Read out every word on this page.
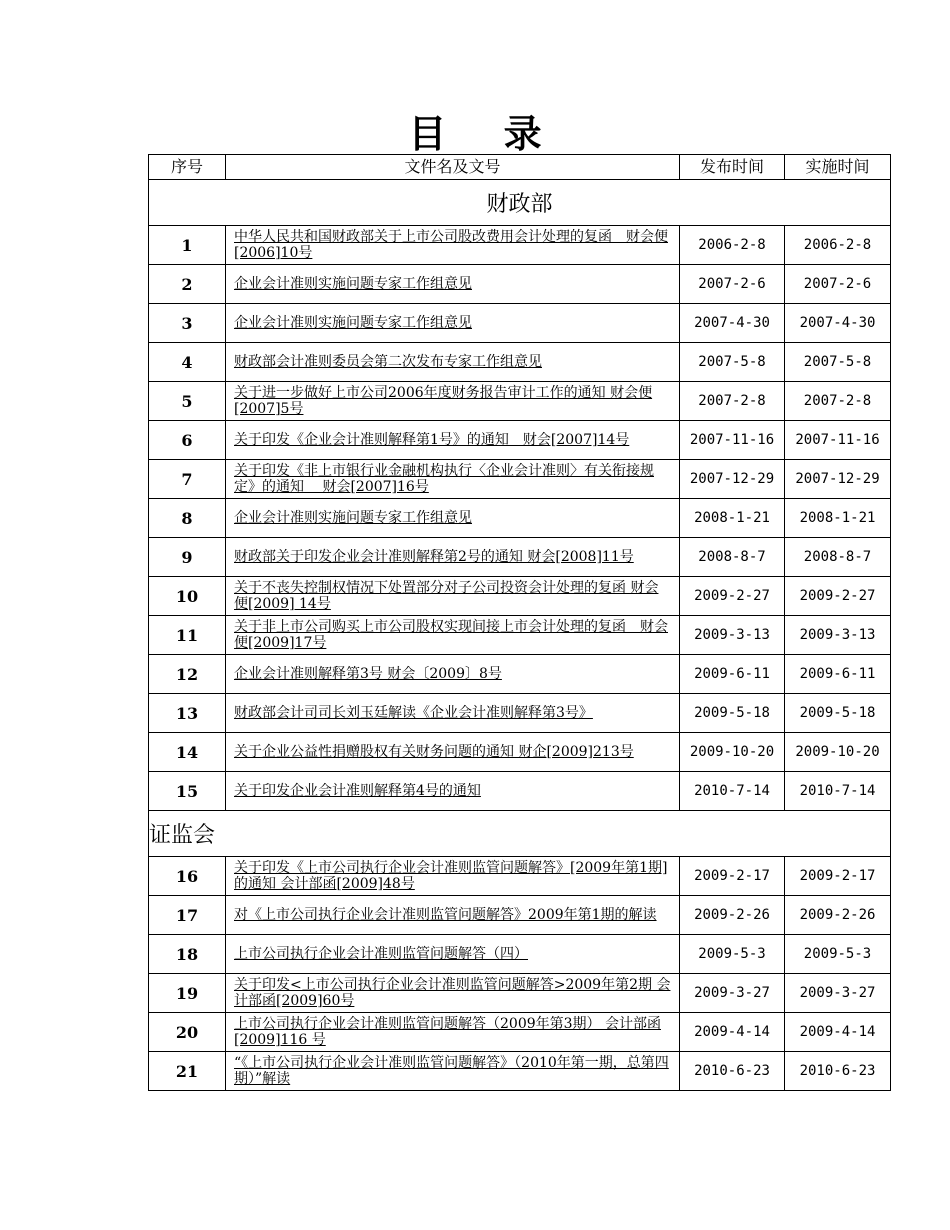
目 录
序号	文件名及文号	发布时间	实施时间
财政部			
1	中华人民共和国财政部关于上市公司股改费用会计处理的复函　财会便[2006]10号	2006-2-8	2006-2-8
2	企业会计准则实施问题专家工作组意见	2007-2-6	2007-2-6
3	企业会计准则实施问题专家工作组意见	2007-4-30	2007-4-30
4	财政部会计准则委员会第二次发布专家工作组意见	2007-5-8	2007-5-8
5	关于进一步做好上市公司2006年度财务报告审计工作的通知 财会便[2007]5号	2007-2-8	2007-2-8
6	关于印发《企业会计准则解释第1号》的通知　财会[2007]14号	2007-11-16	2007-11-16
7	关于印发《非上市银行业金融机构执行〈企业会计准则〉有关衔接规定》的通知　 财会[2007]16号	2007-12-29	2007-12-29
8	企业会计准则实施问题专家工作组意见	2008-1-21	2008-1-21
9	财政部关于印发企业会计准则解释第2号的通知 财会[2008]11号	2008-8-7	2008-8-7
10	关于不丧失控制权情况下处置部分对子公司投资会计处理的复函 财会便[2009] 14号	2009-2-27	2009-2-27
11	关于非上市公司购买上市公司股权实现间接上市会计处理的复函　财会便[2009]17号	2009-3-13	2009-3-13
12	企业会计准则解释第3号 财会〔2009〕8号	2009-6-11	2009-6-11
13	财政部会计司司长刘玉廷解读《企业会计准则解释第3号》	2009-5-18	2009-5-18
14	关于企业公益性捐赠股权有关财务问题的通知 财企[2009]213号	2009-10-20	2009-10-20
15	关于印发企业会计准则解释第4号的通知	2010-7-14	2010-7-14
证监会			
16	关于印发《上市公司执行企业会计准则监管问题解答》[2009年第1期]的通知 会计部函[2009]48号	2009-2-17	2009-2-17
17	对《上市公司执行企业会计准则监管问题解答》2009年第1期的解读	2009-2-26	2009-2-26
18	上市公司执行企业会计准则监管问题解答（四）	2009-5-3	2009-5-3
19	关于印发<上市公司执行企业会计准则监管问题解答>2009年第2期 会计部函[2009]60号	2009-3-27	2009-3-27
20	上市公司执行企业会计准则监管问题解答（2009年第3期） 会计部函[2009]116 号	2009-4-14	2009-4-14
21	“《上市公司执行企业会计准则监管问题解答》（2010年第一期，总第四期）”解读	2010-6-23	2010-6-23
